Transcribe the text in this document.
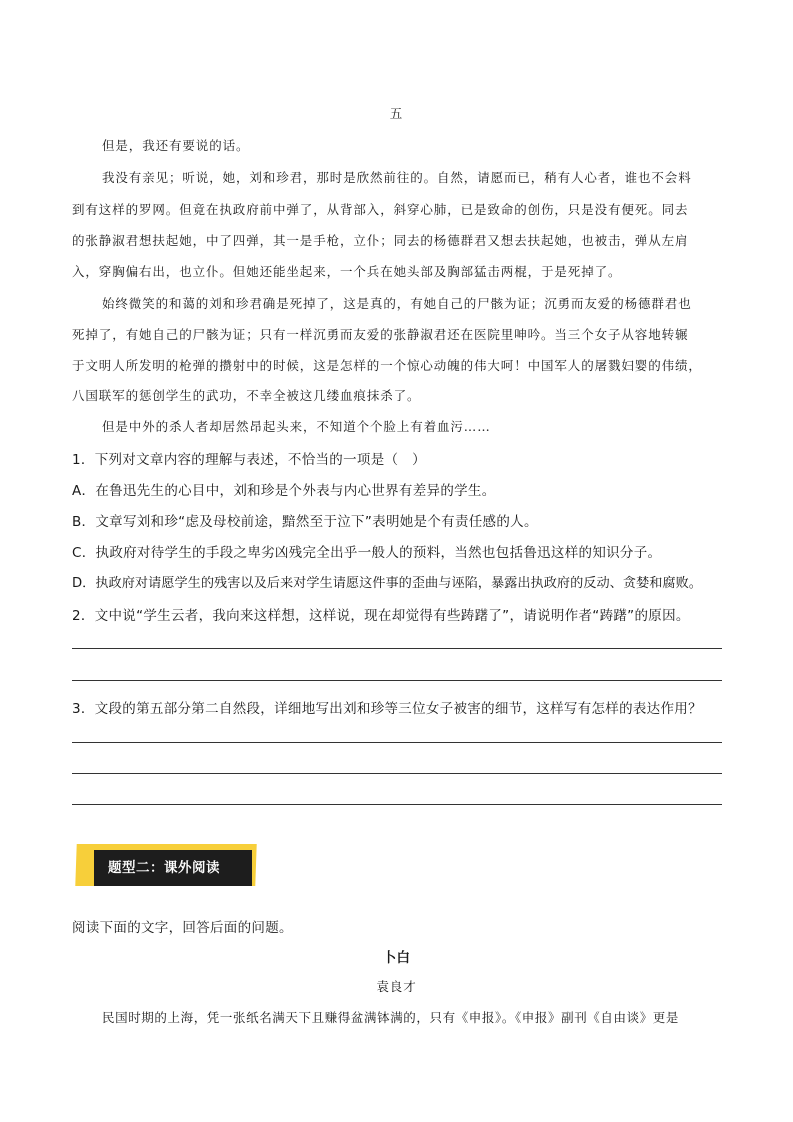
五
但是，我还有要说的话。
我没有亲见；听说，她，刘和珍君，那时是欣然前往的。自然，请愿而已，稍有人心者，谁也不会料
到有这样的罗网。但竟在执政府前中弹了，从背部入，斜穿心肺，已是致命的创伤，只是没有便死。同去
的张静淑君想扶起她，中了四弹，其一是手枪，立仆；同去的杨德群君又想去扶起她，也被击，弹从左肩
入，穿胸偏右出，也立仆。但她还能坐起来，一个兵在她头部及胸部猛击两棍，于是死掉了。
始终微笑的和蔼的刘和珍君确是死掉了，这是真的，有她自己的尸骸为证；沉勇而友爱的杨德群君也
死掉了，有她自己的尸骸为证；只有一样沉勇而友爱的张静淑君还在医院里呻吟。当三个女子从容地转辗
于文明人所发明的枪弹的攒射中的时候，这是怎样的一个惊心动魄的伟大呵！中国军人的屠戮妇婴的伟绩，
八国联军的惩创学生的武功，不幸全被这几缕血痕抹杀了。
但是中外的杀人者却居然昂起头来，不知道个个脸上有着血污……
1．下列对文章内容的理解与表述，不恰当的一项是（　）
A．在鲁迅先生的心目中，刘和珍是个外表与内心世界有差异的学生。
B．文章写刘和珍“虑及母校前途，黯然至于泣下”表明她是个有责任感的人。
C．执政府对待学生的手段之卑劣凶残完全出乎一般人的预料，当然也包括鲁迅这样的知识分子。
D．执政府对请愿学生的残害以及后来对学生请愿这件事的歪曲与诬陷，暴露出执政府的反动、贪婪和腐败。
2．文中说“学生云者，我向来这样想，这样说，现在却觉得有些踌躇了”，请说明作者“踌躇”的原因。
3．文段的第五部分第二自然段，详细地写出刘和珍等三位女子被害的细节，这样写有怎样的表达作用？
题型二：课外阅读
阅读下面的文字，回答后面的问题。
卜白
袁良才
民国时期的上海，凭一张纸名满天下且赚得盆满钵满的，只有《申报》。《申报》副刊《自由谈》更是
